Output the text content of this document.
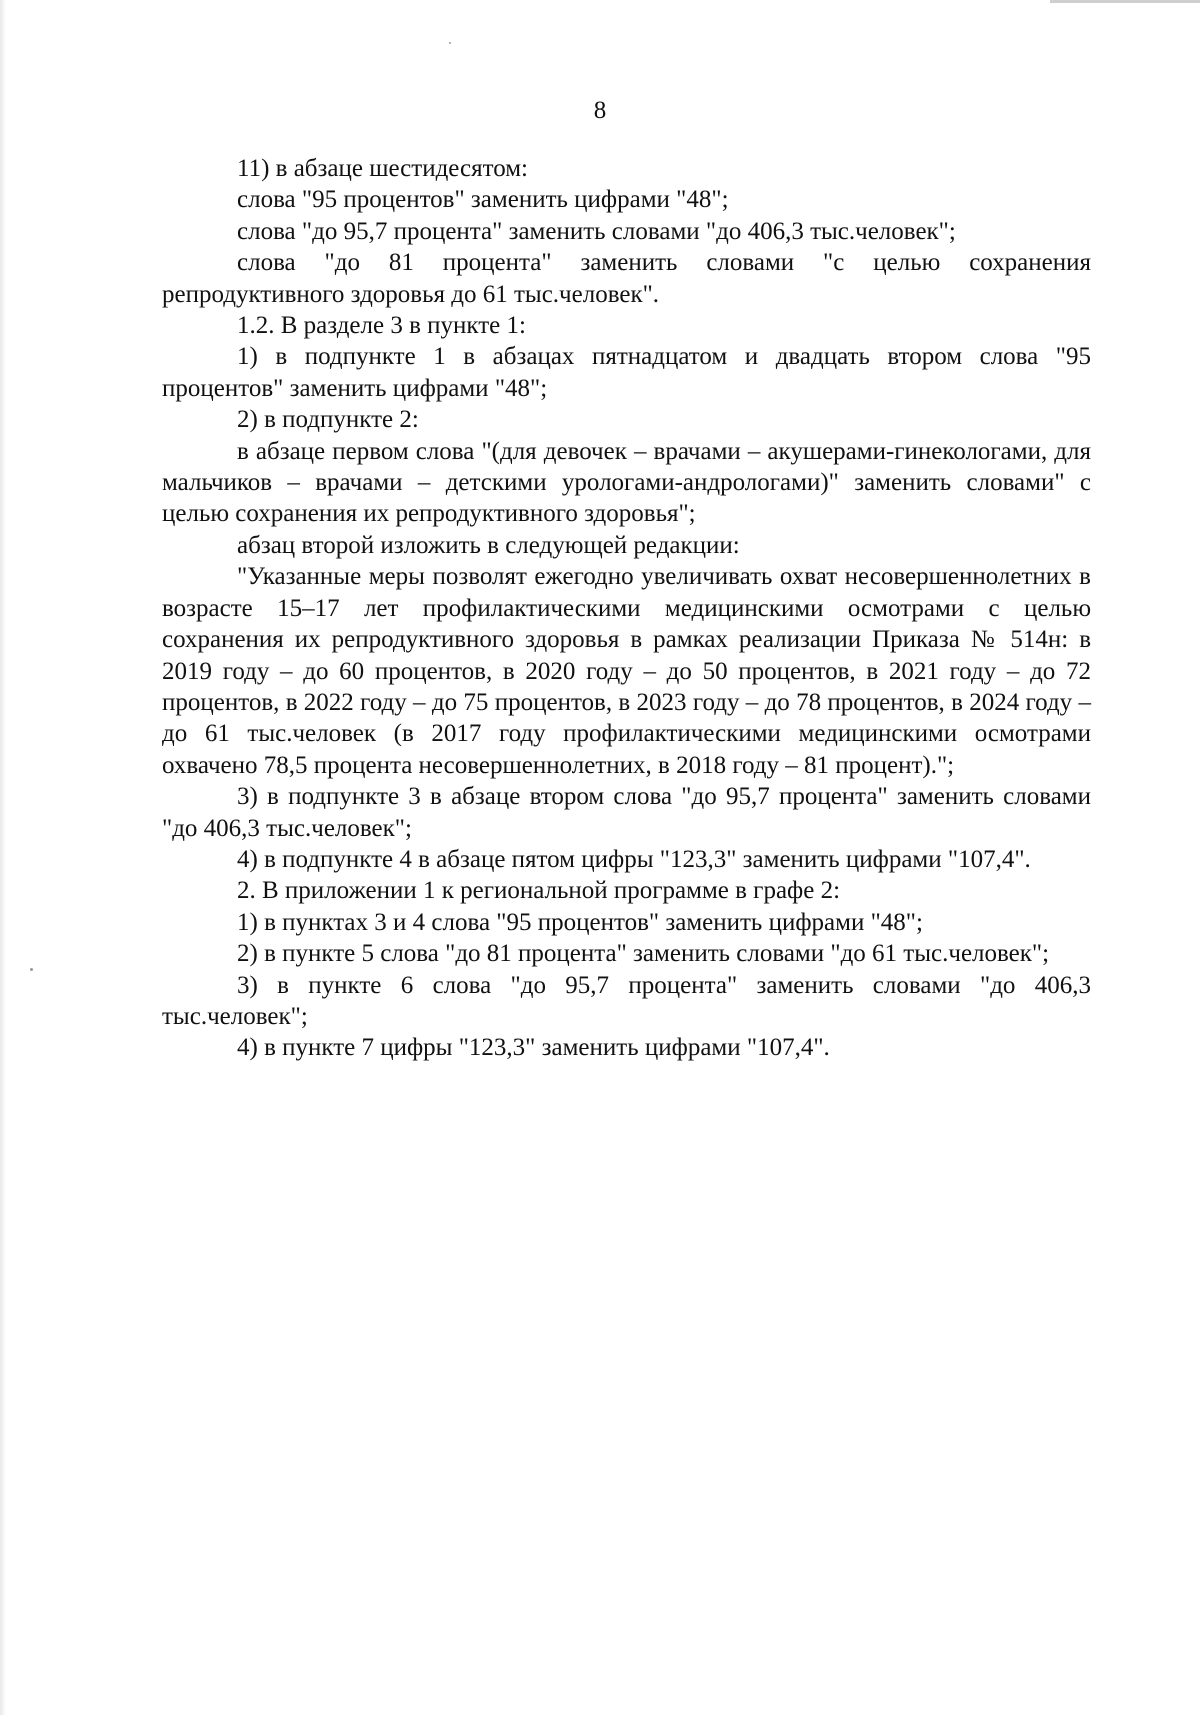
8

11) в абзаце шестидесятом:

слова "95 процентов" заменить цифрами "48";

слова "до 95,7 процента" заменить словами "до 406,3 тыс.человек";

слова "до 81 процента" заменить словами "с целью сохранения репродуктивного здоровья до 61 тыс.человек".

1.2. В разделе 3 в пункте 1:

1) в подпункте 1 в абзацах пятнадцатом и двадцать втором слова "95 процентов" заменить цифрами "48";

2) в подпункте 2:

в абзаце первом слова "(для девочек – врачами – акушерами-гинекологами, для мальчиков – врачами – детскими урологами-андрологами)" заменить словами" с целью сохранения их репродуктивного здоровья";

абзац второй изложить в следующей редакции:

"Указанные меры позволят ежегодно увеличивать охват несовершеннолетних в возрасте 15–17 лет профилактическими медицинскими осмотрами с целью сохранения их репродуктивного здоровья в рамках реализации Приказа № 514н: в 2019 году – до 60 процентов, в 2020 году – до 50 процентов, в 2021 году – до 72 процентов, в 2022 году – до 75 процентов, в 2023 году – до 78 процентов, в 2024 году – до 61 тыс.человек (в 2017 году профилактическими медицинскими осмотрами охвачено 78,5 процента несовершеннолетних, в 2018 году – 81 процент).";

3) в подпункте 3 в абзаце втором слова "до 95,7 процента" заменить словами "до 406,3 тыс.человек";

4) в подпункте 4 в абзаце пятом цифры "123,3" заменить цифрами "107,4".

2. В приложении 1 к региональной программе в графе 2:

1) в пунктах 3 и 4 слова "95 процентов" заменить цифрами "48";

2) в пункте 5 слова "до 81 процента" заменить словами "до 61 тыс.человек";

3) в пункте 6 слова "до 95,7 процента" заменить словами "до 406,3 тыс.человек";

4) в пункте 7 цифры "123,3" заменить цифрами "107,4".
